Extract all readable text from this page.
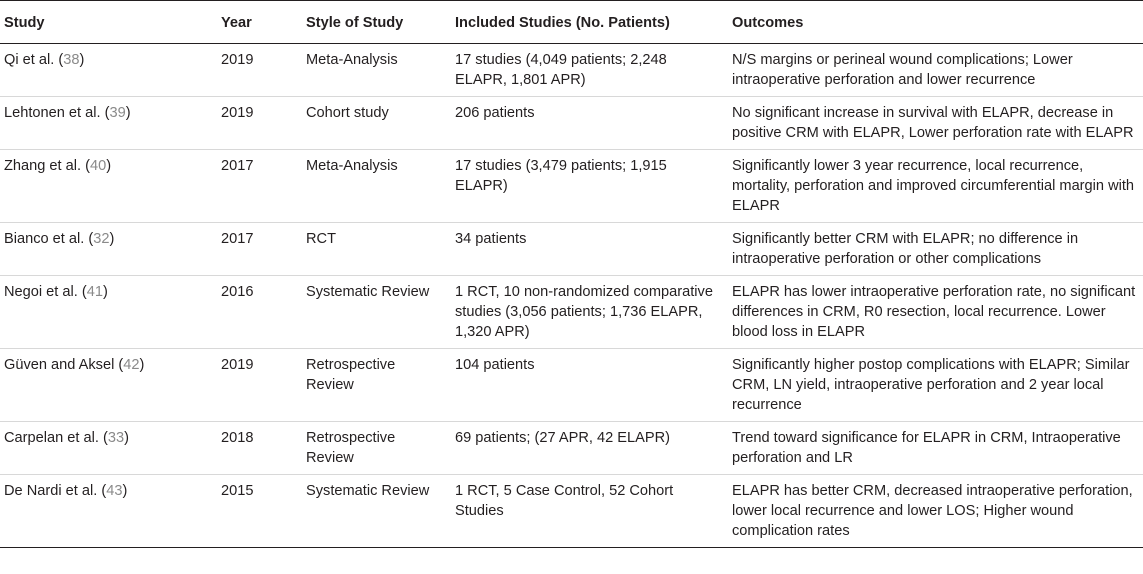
Study	Year	Style of Study	Included Studies (No. Patients)	Outcomes
Qi et al. (38)	2019	Meta-Analysis	17 studies (4,049 patients; 2,248 ELAPR, 1,801 APR)	N/S margins or perineal wound complications; Lower intraoperative perforation and lower recurrence
Lehtonen et al. (39)	2019	Cohort study	206 patients	No significant increase in survival with ELAPR, decrease in positive CRM with ELAPR, Lower perforation rate with ELAPR
Zhang et al. (40)	2017	Meta-Analysis	17 studies (3,479 patients; 1,915 ELAPR)	Significantly lower 3 year recurrence, local recurrence, mortality, perforation and improved circumferential margin with ELAPR
Bianco et al. (32)	2017	RCT	34 patients	Significantly better CRM with ELAPR; no difference in intraoperative perforation or other complications
Negoi et al. (41)	2016	Systematic Review	1 RCT, 10 non-randomized comparative studies (3,056 patients; 1,736 ELAPR, 1,320 APR)	ELAPR has lower intraoperative perforation rate, no significant differences in CRM, R0 resection, local recurrence. Lower blood loss in ELAPR
Güven and Aksel (42)	2019	Retrospective Review	104 patients	Significantly higher postop complications with ELAPR; Similar CRM, LN yield, intraoperative perforation and 2 year local recurrence
Carpelan et al. (33)	2018	Retrospective Review	69 patients; (27 APR, 42 ELAPR)	Trend toward significance for ELAPR in CRM, Intraoperative perforation and LR
De Nardi et al. (43)	2015	Systematic Review	1 RCT, 5 Case Control, 52 Cohort Studies	ELAPR has better CRM, decreased intraoperative perforation, lower local recurrence and lower LOS; Higher wound complication rates
